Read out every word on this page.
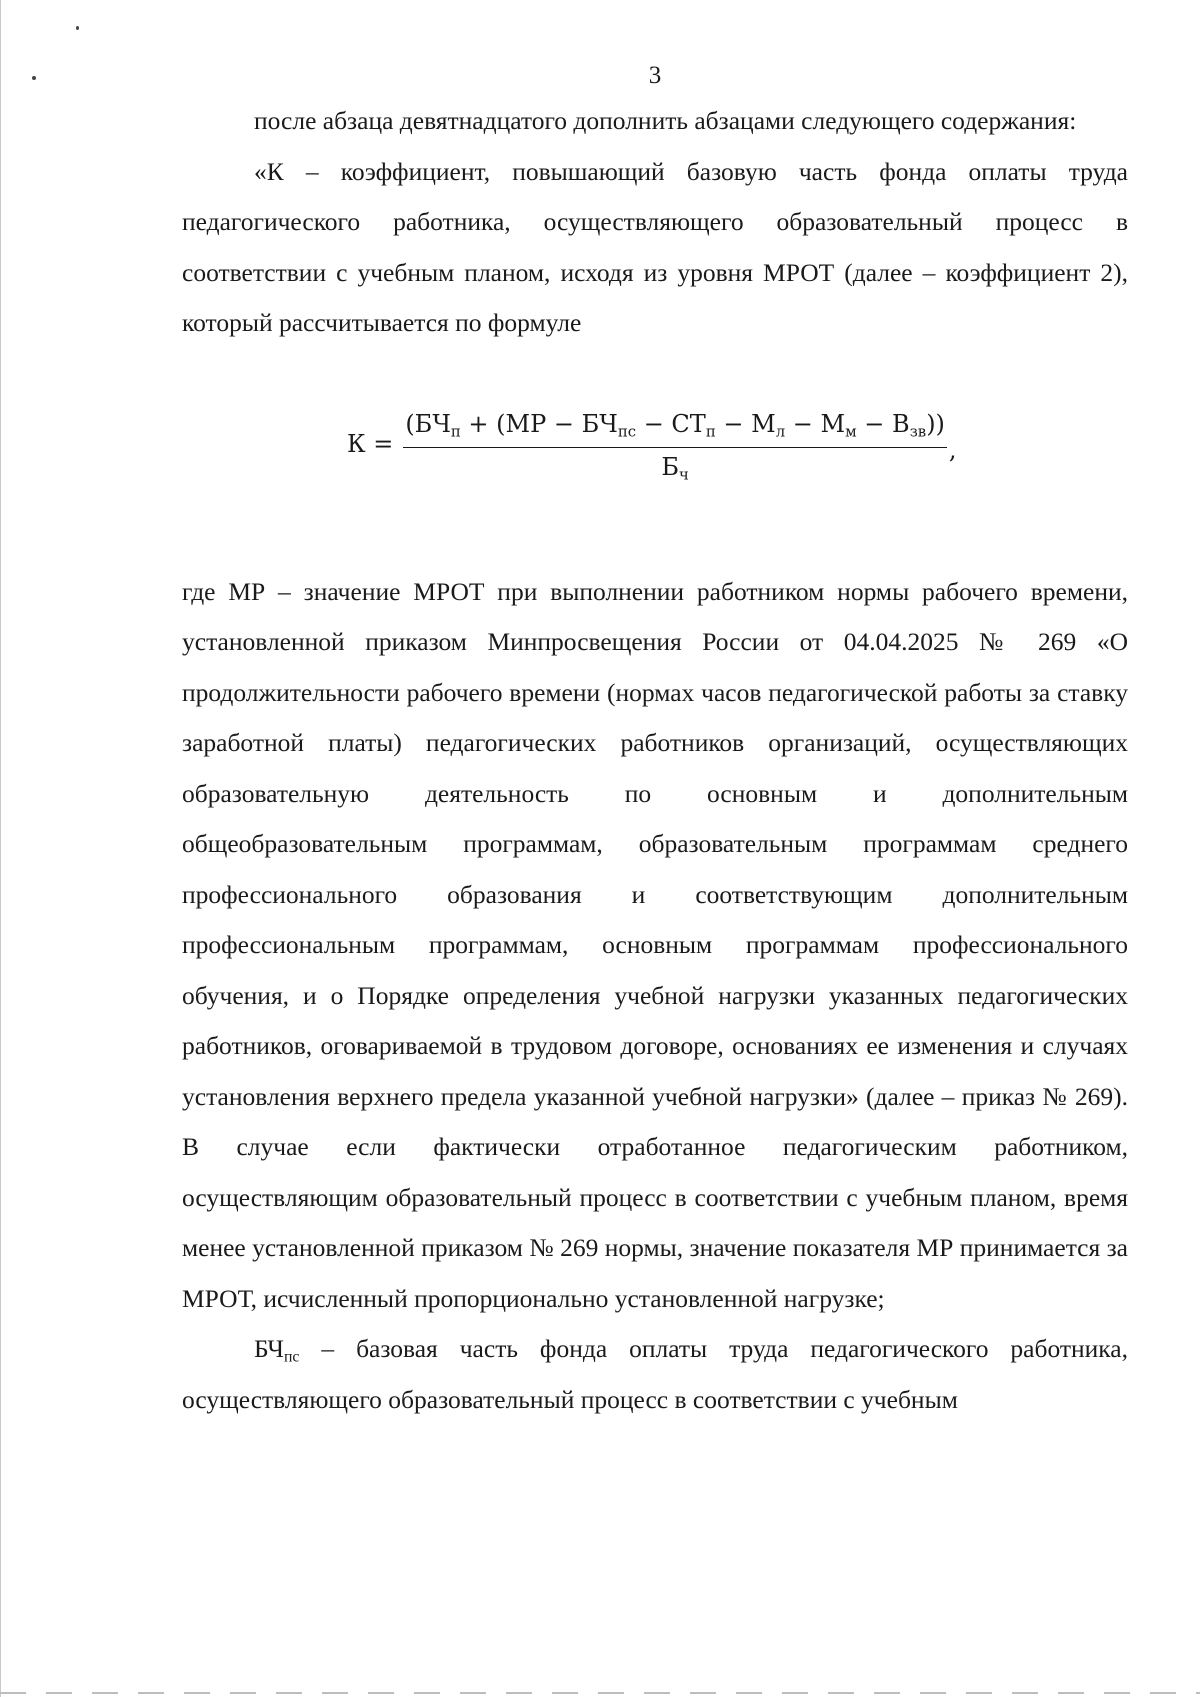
3

после абзаца девятнадцатого дополнить абзацами следующего содержания:

«К – коэффициент, повышающий базовую часть фонда оплаты труда педагогического работника, осуществляющего образовательный процесс в соответствии с учебным планом, исходя из уровня МРОТ (далее – коэффициент 2), который рассчитывается по формуле

$К = \frac{(БЧ_п + (МР - БЧ_{пс} - СТ_п - М_л - М_м - В_{зв}))}{Б_ч}$ ,

где МР – значение МРОТ при выполнении работником нормы рабочего времени, установленной приказом Минпросвещения России от 04.04.2025 № 269 «О продолжительности рабочего времени (нормах часов педагогической работы за ставку заработной платы) педагогических работников организаций, осуществляющих образовательную деятельность по основным и дополнительным общеобразовательным программам, образовательным программам среднего профессионального образования и соответствующим дополнительным профессиональным программам, основным программам профессионального обучения, и о Порядке определения учебной нагрузки указанных педагогических работников, оговариваемой в трудовом договоре, основаниях ее изменения и случаях установления верхнего предела указанной учебной нагрузки» (далее – приказ № 269). В случае если фактически отработанное педагогическим работником, осуществляющим образовательный процесс в соответствии с учебным планом, время менее установленной приказом № 269 нормы, значение показателя МР принимается за МРОТ, исчисленный пропорционально установленной нагрузке;

$БЧ_{пс}$ – базовая часть фонда оплаты труда педагогического работника, осуществляющего образовательный процесс в соответствии с учебным
